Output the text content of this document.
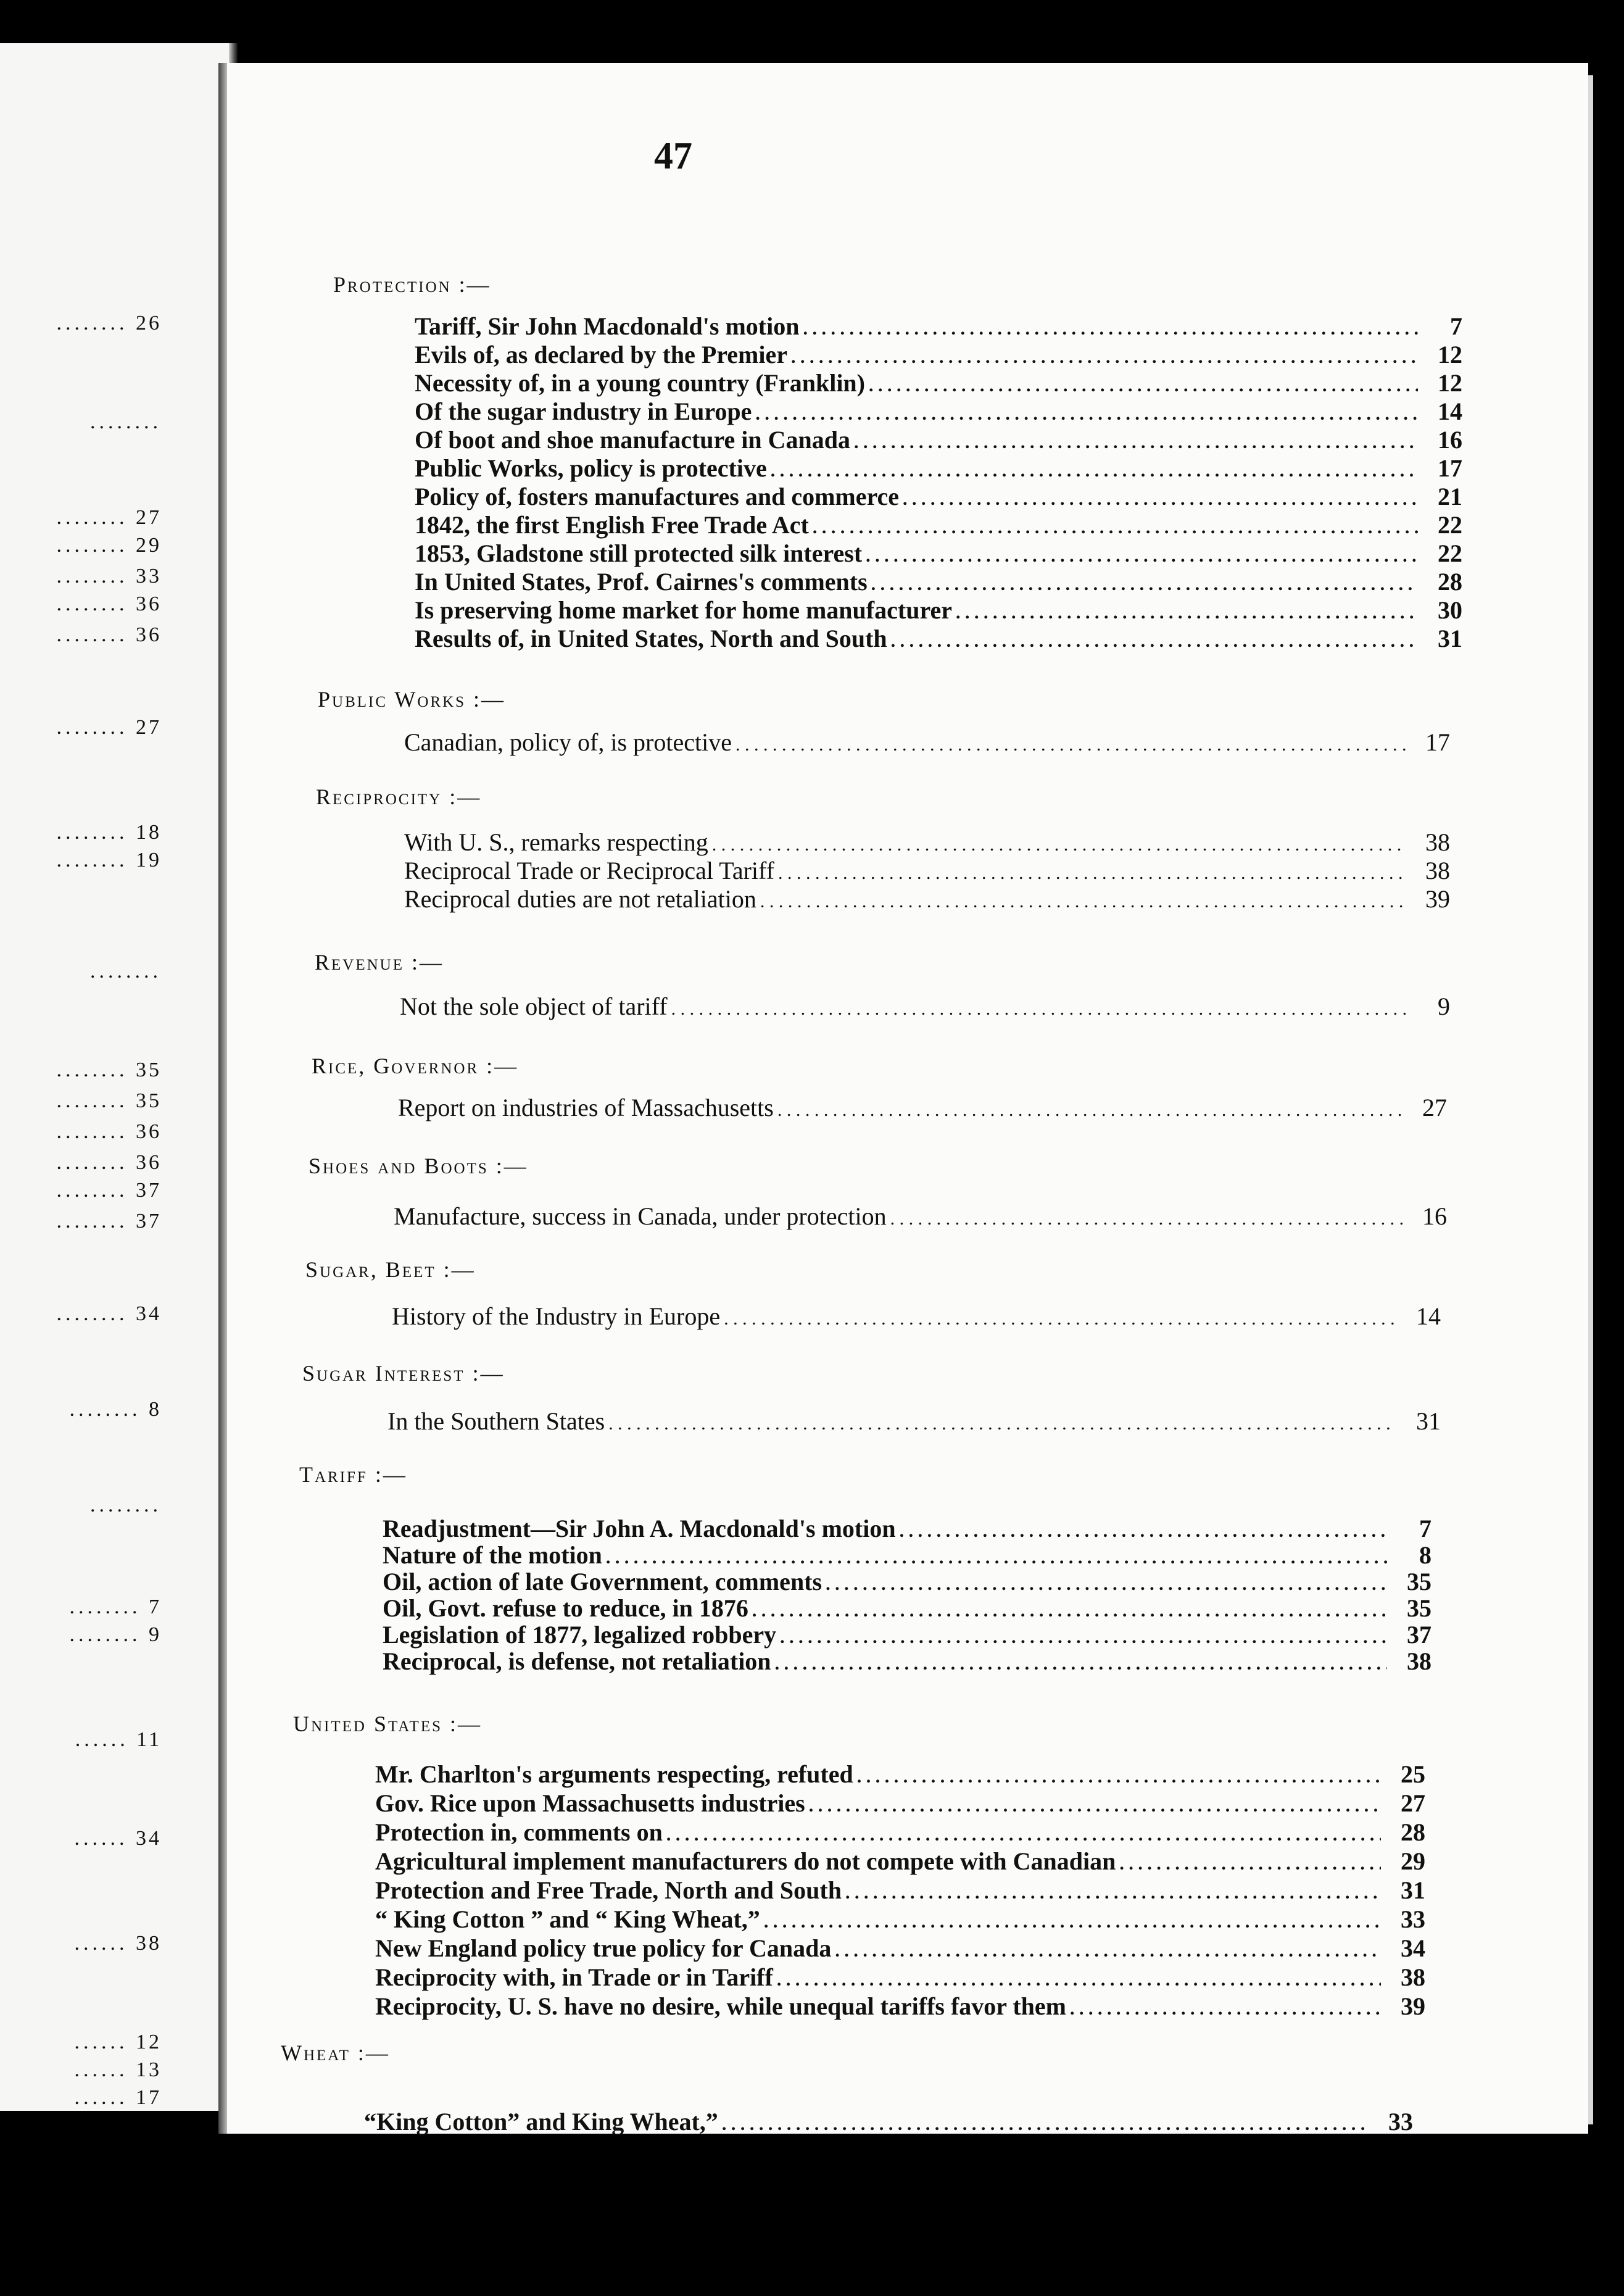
47
Protection :—
Tariff, Sir John Macdonald's motion . . .	7
Evils of, as declared by the Premier . . .	12
Necessity of, in a young country (Franklin) . . .	12
Of the sugar industry in Europe . . .	14
Of boot and shoe manufacture in Canada . . .	16
Public Works, policy is protective . . .	17
Policy of, fosters manufactures and commerce . . .	21
1842, the first English Free Trade Act . . .	22
1853, Gladstone still protected silk interest . . .	22
In United States, Prof. Cairnes's comments . . .	28
Is preserving home market for home manufacturer . . .	30
Results of, in United States, North and South . . .	31
Public Works :—
Canadian, policy of, is protective . . .	17
Reciprocity :—
With U. S., remarks respecting . . .	38
Reciprocal Trade or Reciprocal Tariff . . .	38
Reciprocal duties are not retaliation . . .	39
Revenue :—
Not the sole object of tariff . . .	9
Rice, Governor :—
Report on industries of Massachusetts . . .	27
Shoes and Boots :—
Manufacture, success in Canada, under protection . . .	16
Sugar, Beet :—
History of the Industry in Europe . . .	14
Sugar Interest :—
In the Southern States . . .	31
Tariff :—
Readjustment—Sir John A. Macdonald's motion . . .	7
Nature of the motion . . .	8
Oil, action of late Government, comments . . .	35
Oil, Govt. refuse to reduce, in 1876 . . .	35
Legislation of 1877, legalized robbery . . .	37
Reciprocal, is defense, not retaliation . . .	38
United States :—
Mr. Charlton's arguments respecting, refuted . . .	25
Gov. Rice upon Massachusetts industries . . .	27
Protection in, comments on . . .	28
Agricultural implement manufacturers do not compete with Canadian . . .	29
Protection and Free Trade, North and South . . .	31
“ King Cotton ” and “ King Wheat,” . . .	33
New England policy true policy for Canada . . .	34
Reciprocity with, in Trade or in Tariff . . .	38
Reciprocity, U. S. have no desire, while unequal tariffs favor them . . .	39
Wheat :—
“King Cotton” and King Wheat,” . . .	33
........ 26
........
........ 27
........ 29
........ 33
........ 36
........ 36
........ 27
........ 18
........ 19
........
........ 35
........ 35
........ 36
........ 36
........ 37
........ 37
........ 34
........ 8
........
........ 7
........ 9
...... 11
...... 34
...... 38
...... 12
...... 13
...... 17
